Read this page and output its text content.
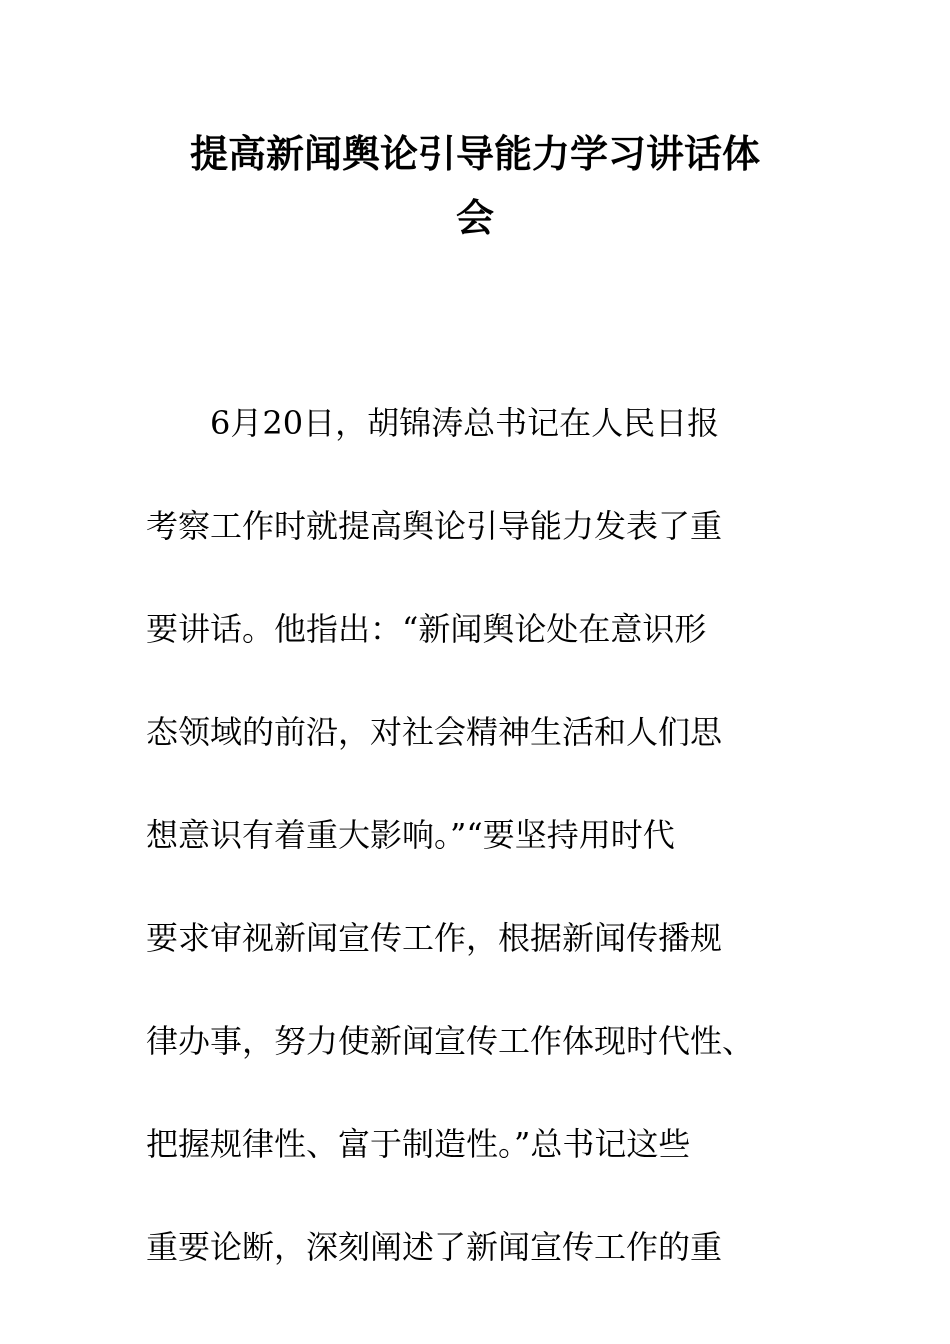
提高新闻舆论引导能力学习讲话体
会
　　6月20日，胡锦涛总书记在人民日报
考察工作时就提高舆论引导能力发表了重
要讲话。他指出：“新闻舆论处在意识形
态领域的前沿，对社会精神生活和人们思
想意识有着重大影响。”“要坚持用时代
要求审视新闻宣传工作，根据新闻传播规
律办事，努力使新闻宣传工作体现时代性、
把握规律性、富于制造性。”总书记这些
重要论断，深刻阐述了新闻宣传工作的重
